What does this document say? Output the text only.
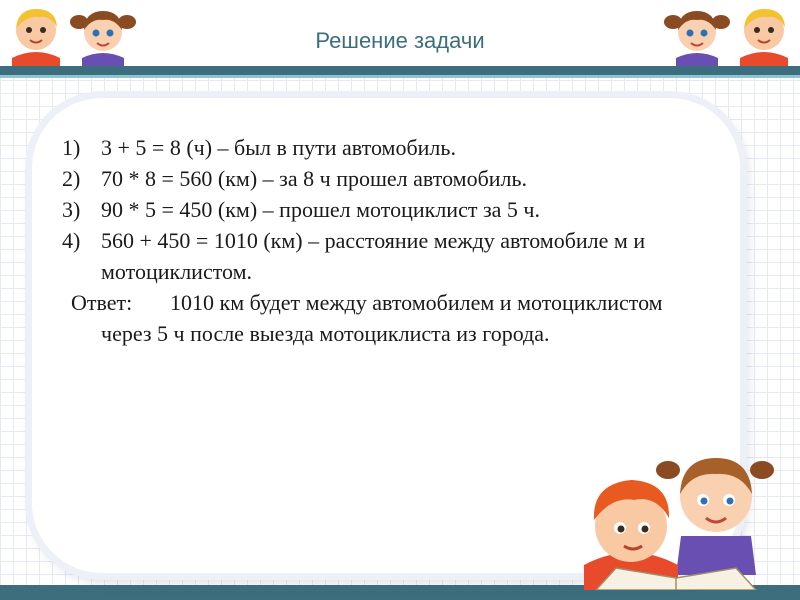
Решение задачи
1) 3 + 5 = 8 (ч) – был в пути автомобиль.
2) 70 * 8 = 560 (км) – за 8 ч прошел автомобиль.
3) 90 * 5 = 450 (км) – прошел мотоциклист за 5 ч.
4) 560 + 450 = 1010 (км) – расстояние между автомобиле м и мотоциклистом.
Ответ: 1010 км будет между автомобилем и мотоциклистом через 5 ч после выезда мотоциклиста из города.
